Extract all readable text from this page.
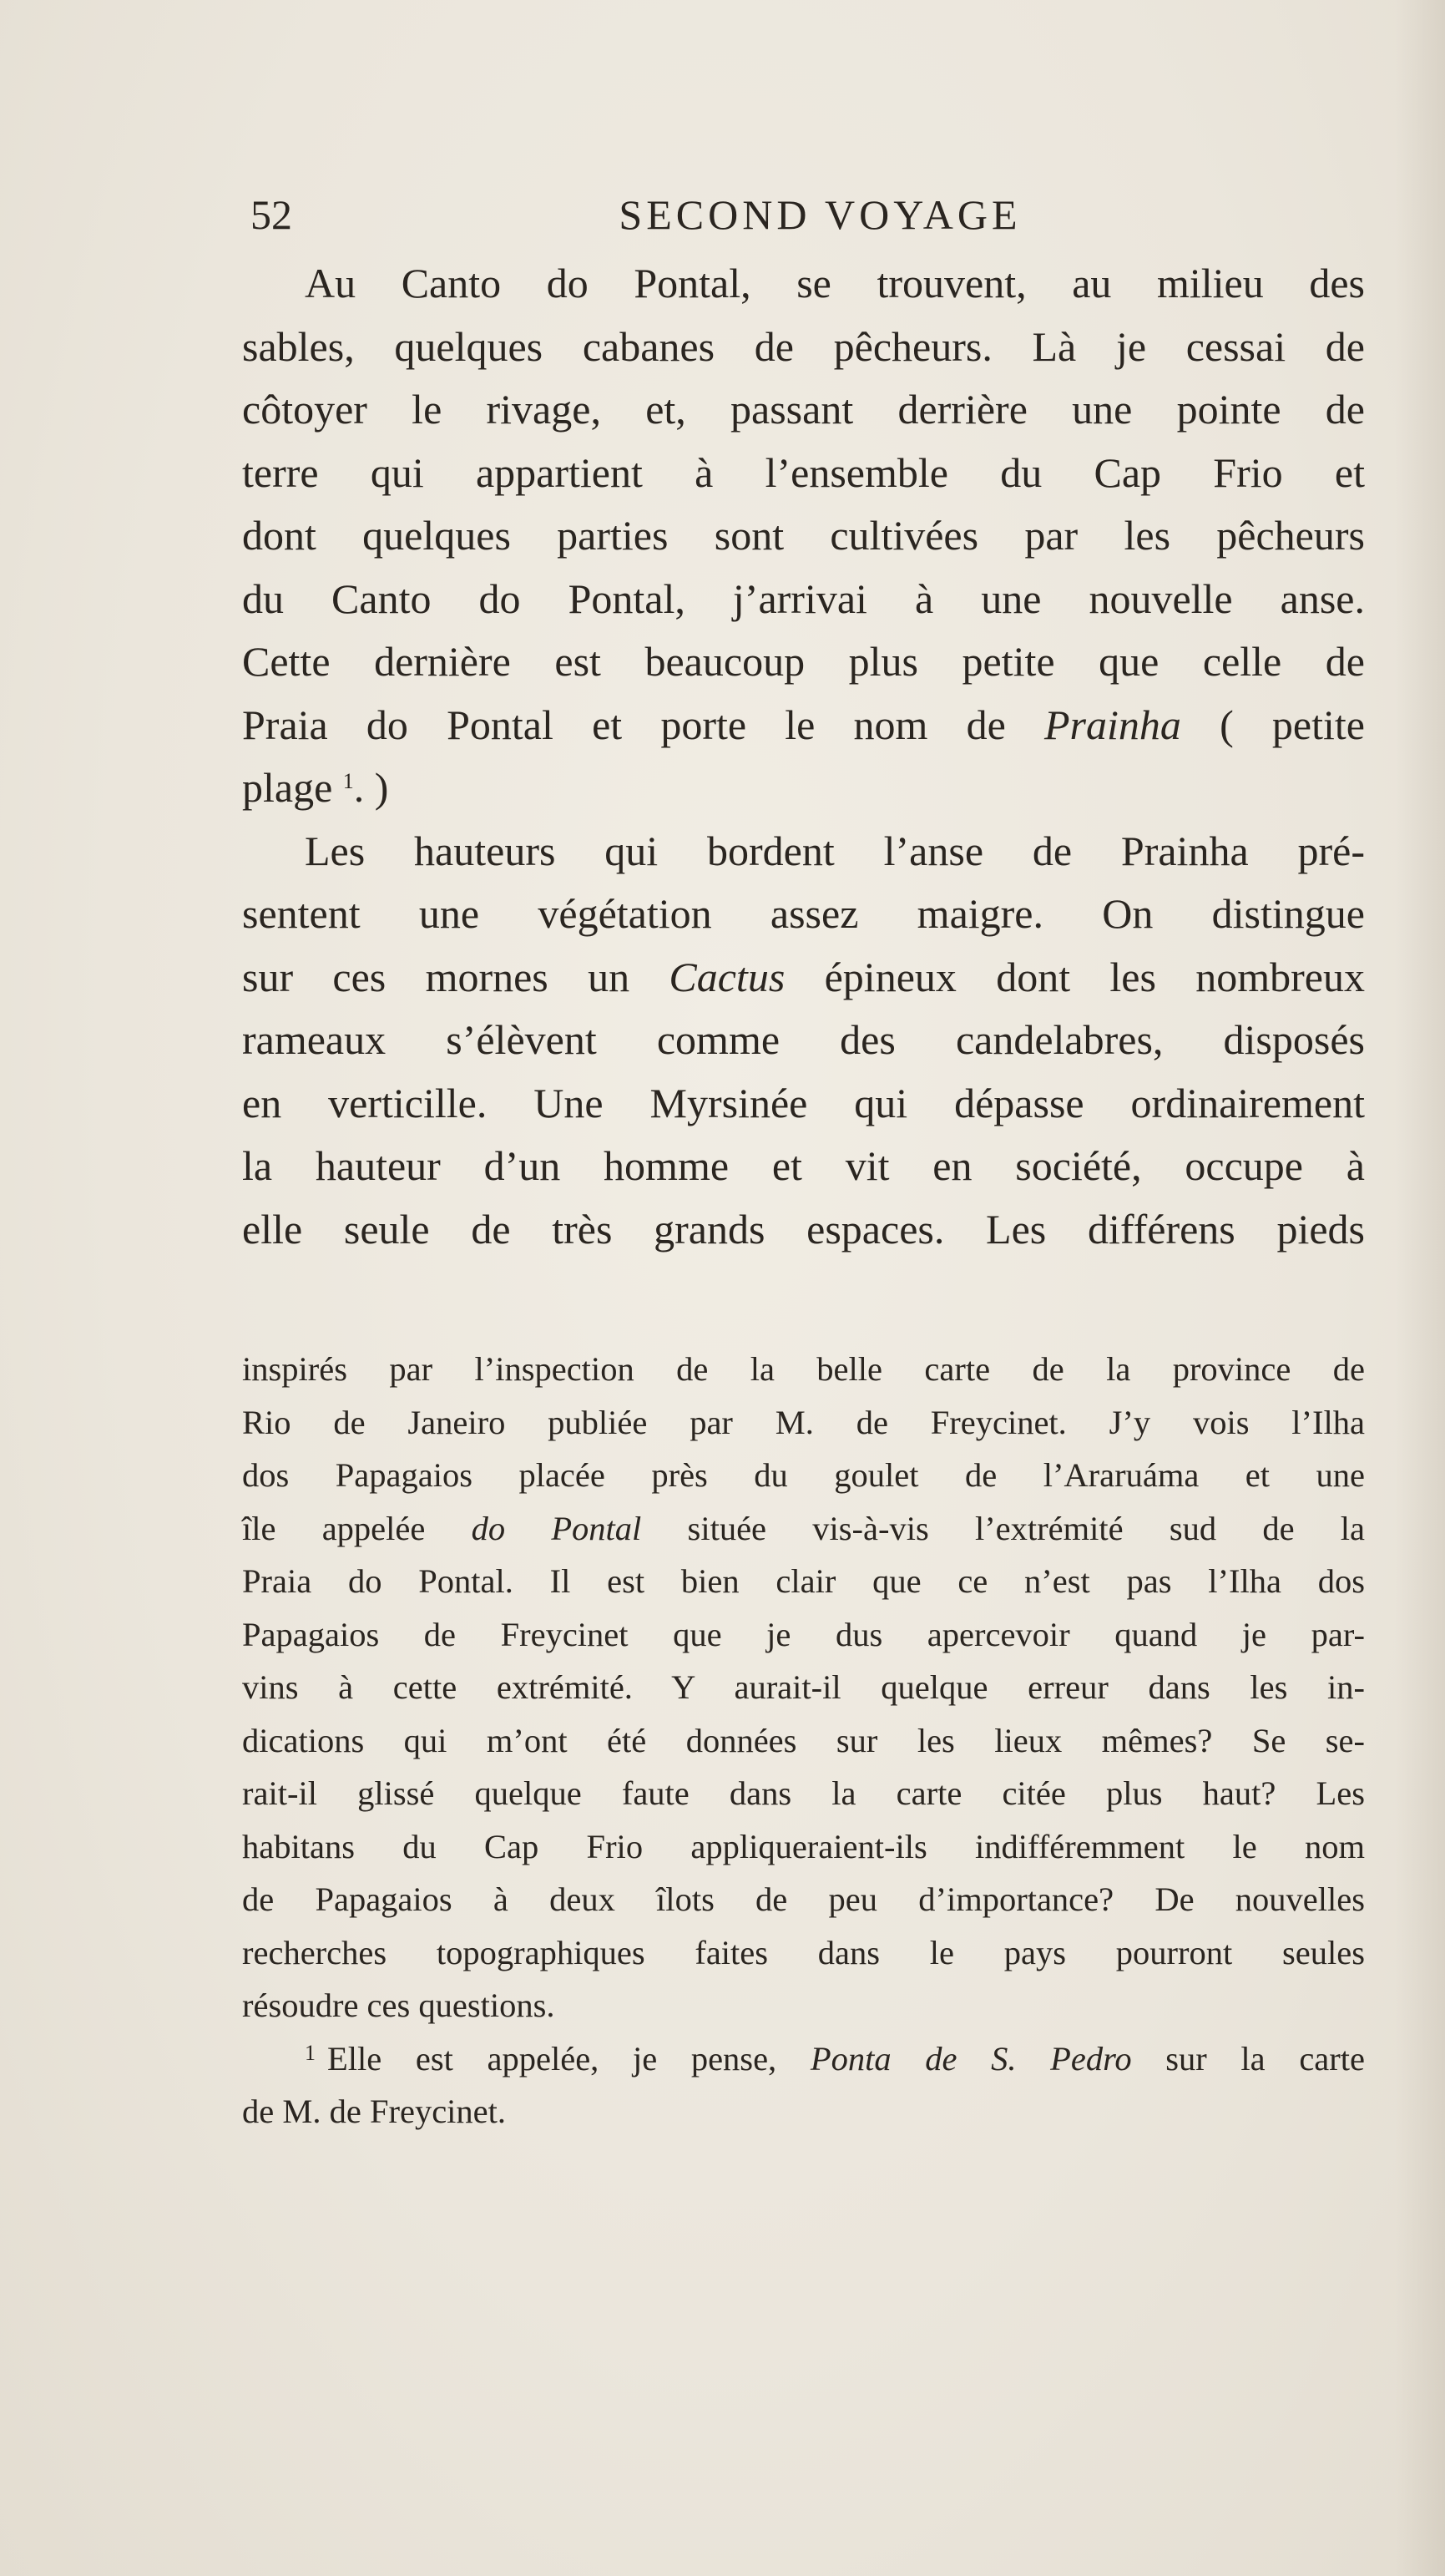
52	SECOND VOYAGE
Au Canto do Pontal, se trouvent, au milieu des
sables, quelques cabanes de pêcheurs. Là je cessai de
côtoyer le rivage, et, passant derrière une pointe de
terre qui appartient à l’ensemble du Cap Frio et
dont quelques parties sont cultivées par les pêcheurs
du Canto do Pontal, j’arrivai à une nouvelle anse.
Cette dernière est beaucoup plus petite que celle de
Praia do Pontal et porte le nom de Prainha ( petite
plage $^1$. )
Les hauteurs qui bordent l’anse de Prainha pré-
sentent une végétation assez maigre. On distingue
sur ces mornes un Cactus épineux dont les nombreux
rameaux s’élèvent comme des candelabres, disposés
en verticille. Une Myrsinée qui dépasse ordinairement
la hauteur d’un homme et vit en société, occupe à
elle seule de très grands espaces. Les différens pieds
inspirés par l’inspection de la belle carte de la province de
Rio de Janeiro publiée par M. de Freycinet. J’y vois l’Ilha
dos Papagaios placée près du goulet de l’Araruáma et une
île appelée do Pontal située vis-à-vis l’extrémité sud de la
Praia do Pontal. Il est bien clair que ce n’est pas l’Ilha dos
Papagaios de Freycinet que je dus apercevoir quand je par-
vins à cette extrémité. Y aurait-il quelque erreur dans les in-
dications qui m’ont été données sur les lieux mêmes? Se se-
rait-il glissé quelque faute dans la carte citée plus haut? Les
habitans du Cap Frio appliqueraient-ils indifféremment le nom
de Papagaios à deux îlots de peu d’importance? De nouvelles
recherches topographiques faites dans le pays pourront seules
résoudre ces questions.
$^1$ Elle est appelée, je pense, Ponta de S. Pedro sur la carte
de M. de Freycinet.
